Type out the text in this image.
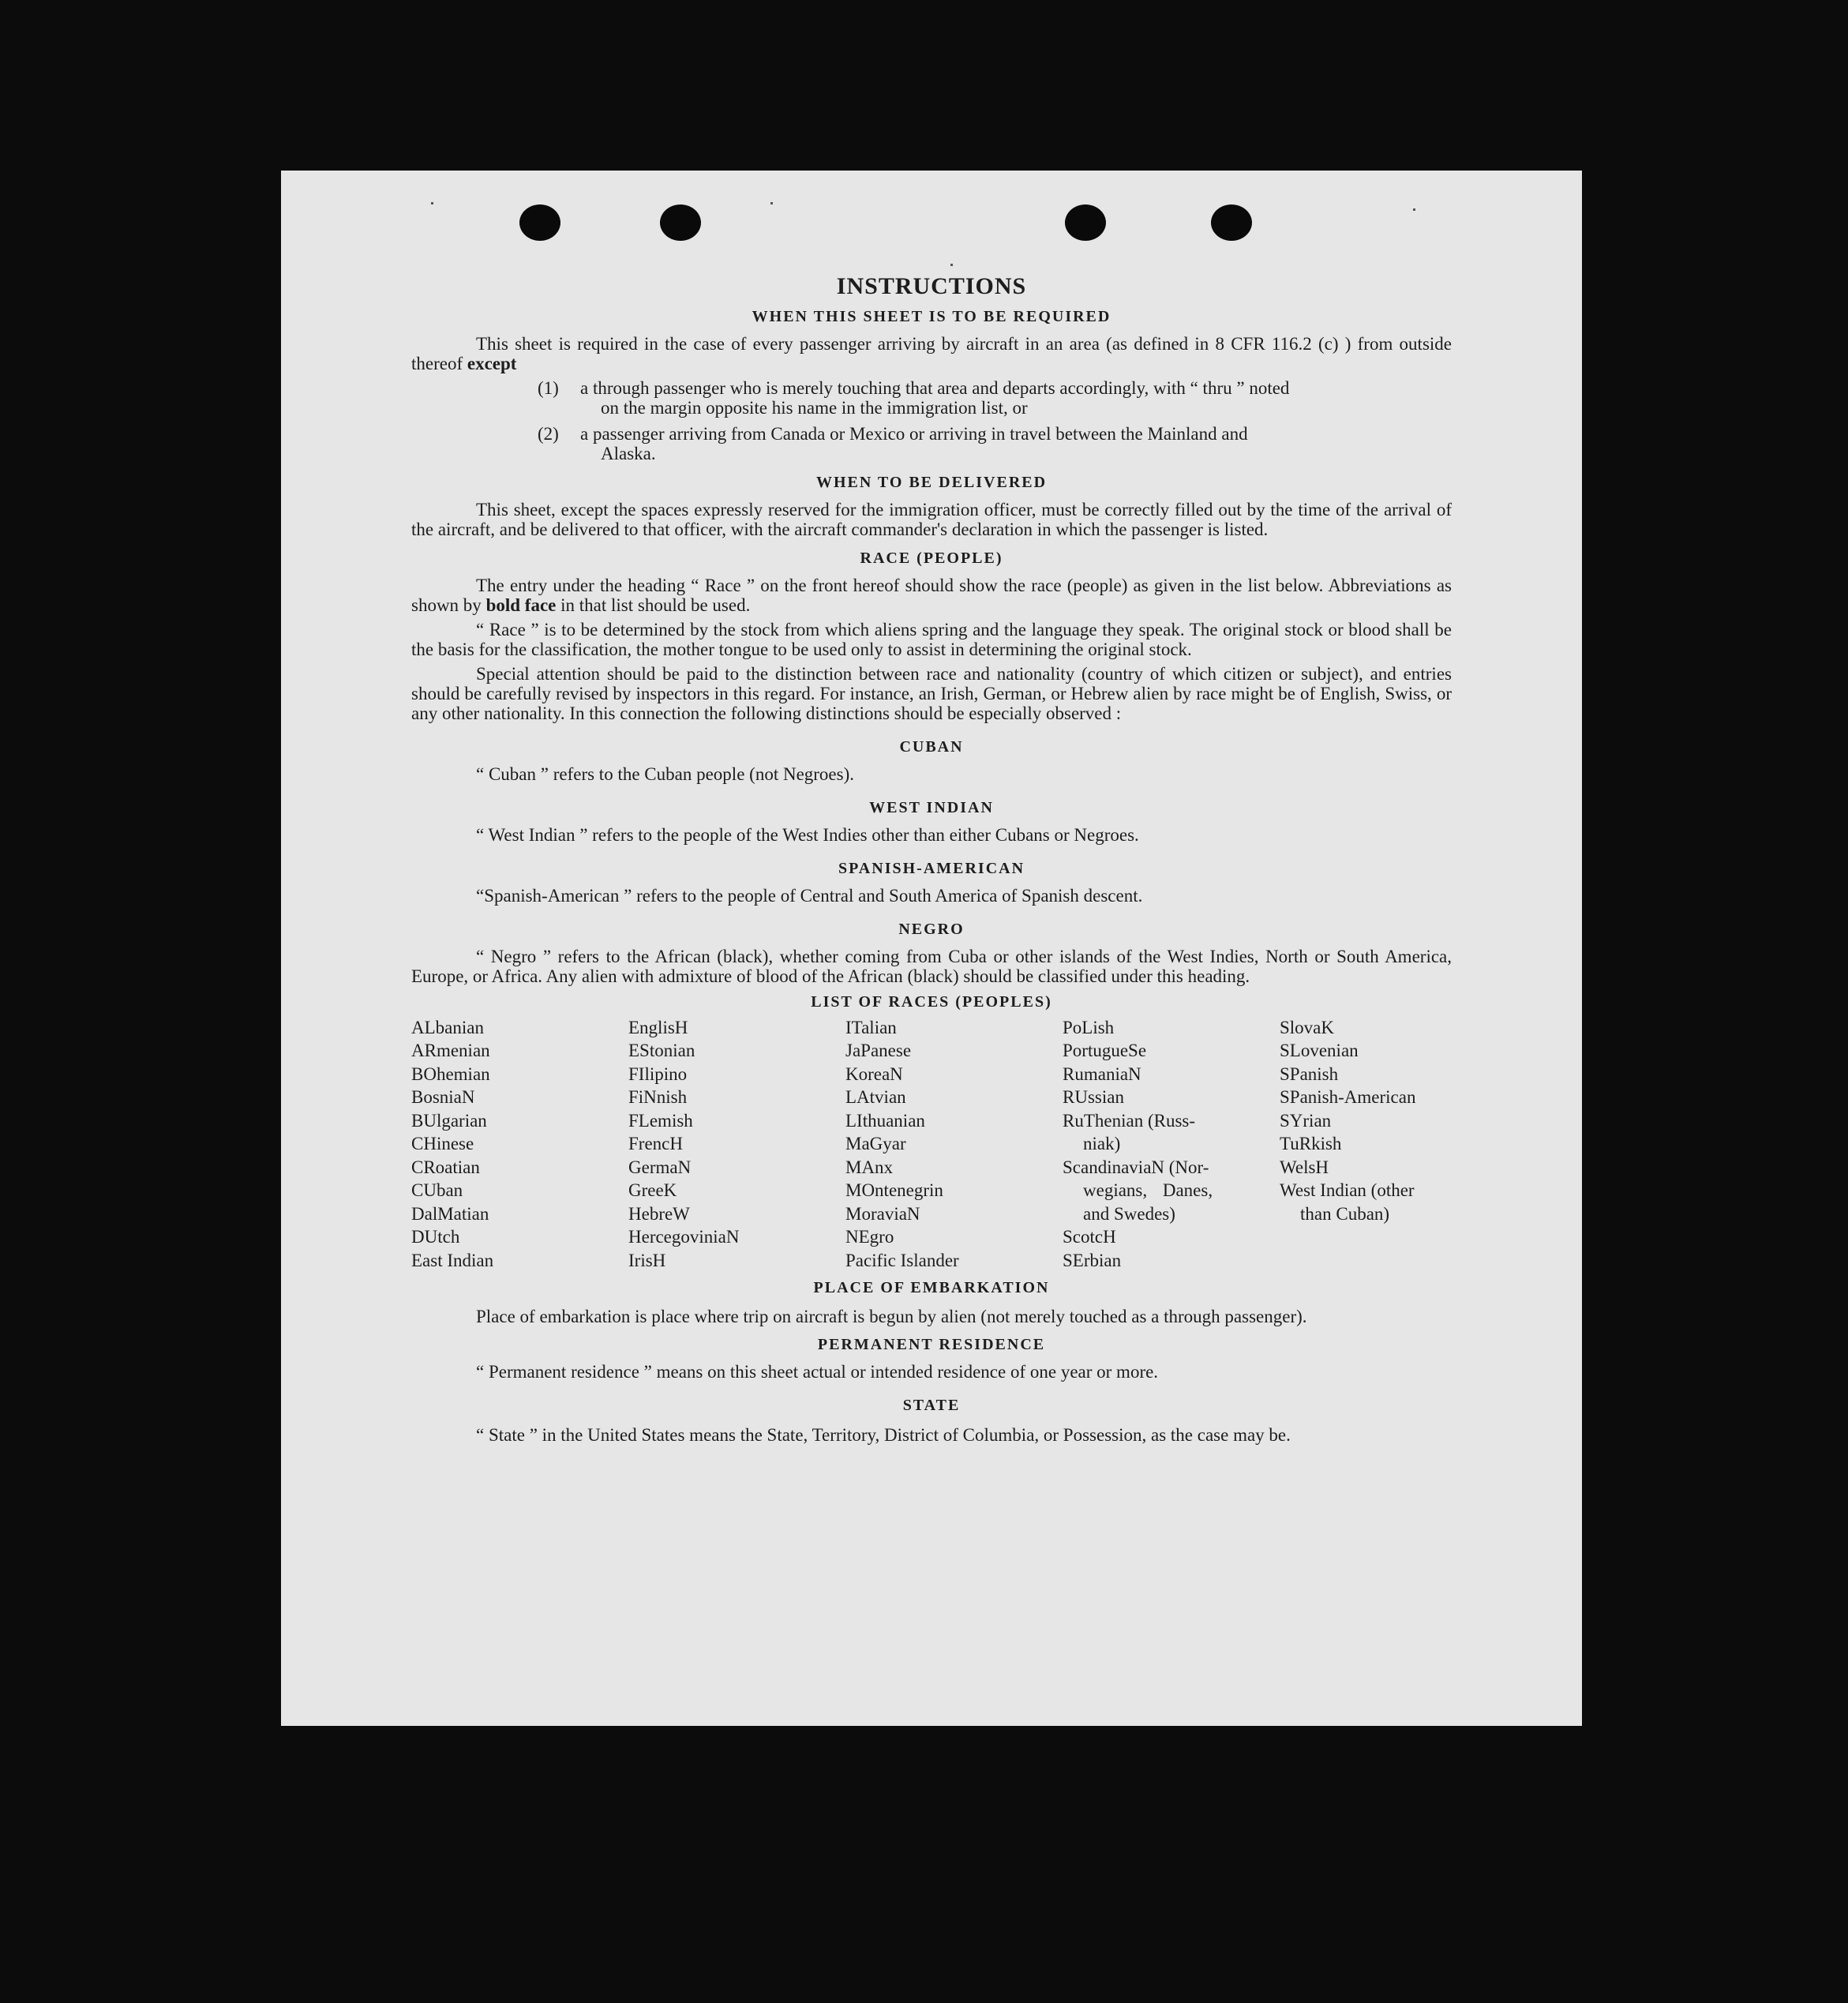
INSTRUCTIONS
WHEN THIS SHEET IS TO BE REQUIRED

This sheet is required in the case of every passenger arriving by aircraft in an area (as defined in 8 CFR 116.2 (c) ) from outside thereof except

(1)	a through passenger who is merely touching that area and departs accordingly, with “ thru ” noted
on the margin opposite his name in the immigration list, or
(2)	a passenger arriving from Canada or Mexico or arriving in travel between the Mainland and
Alaska.
WHEN TO BE DELIVERED

This sheet, except the spaces expressly reserved for the immigration officer, must be correctly filled out by the time of the arrival of the aircraft, and be delivered to that officer, with the aircraft commander's declaration in which the passenger is listed.

RACE (PEOPLE)

The entry under the heading “ Race ” on the front hereof should show the race (people) as given in the list below. Abbreviations as shown by bold face in that list should be used.

“ Race ” is to be determined by the stock from which aliens spring and the language they speak. The original stock or blood shall be the basis for the classification, the mother tongue to be used only to assist in determining the original stock.

Special attention should be paid to the distinction between race and nationality (country of which citizen or subject), and entries should be carefully revised by inspectors in this regard. For instance, an Irish, German, or Hebrew alien by race might be of English, Swiss, or any other nationality. In this connection the following distinctions should be especially observed :

CUBAN

“ Cuban ” refers to the Cuban people (not Negroes).

WEST INDIAN

“ West Indian ” refers to the people of the West Indies other than either Cubans or Negroes.

SPANISH-AMERICAN

“Spanish-American ” refers to the people of Central and South America of Spanish descent.

NEGRO

“ Negro ” refers to the African (black), whether coming from Cuba or other islands of the West Indies, North or South America, Europe, or Africa. Any alien with admixture of blood of the African (black) should be classified under this heading.

LIST OF RACES (PEOPLES)
ALbanian
ARmenian
BOhemian
BosniaN
BUlgarian
CHinese
CRoatian
CUban
DalMatian
DUtch
East Indian
EnglisH
EStonian
FIlipino
FiNnish
FLemish
FrencH
GermaN
GreeK
HebreW
HercegoviniaN
IrisH
ITalian
JaPanese
KoreaN
LAtvian
LIthuanian
MaGyar
MAnx
MOntenegrin
MoraviaN
NEgro
Pacific Islander
PoLish
PortugueSe
RumaniaN
RUssian
RuThenian (Russ-
niak)
ScandinaviaN (Nor-
wegians, Danes,
and Swedes)
ScotcH
SErbian
SlovaK
SLovenian
SPanish
SPanish-American
SYrian
TuRkish
WelsH
West Indian (other
than Cuban)
PLACE OF EMBARKATION

Place of embarkation is place where trip on aircraft is begun by alien (not merely touched as a through passenger).

PERMANENT RESIDENCE

“ Permanent residence ” means on this sheet actual or intended residence of one year or more.

STATE

“ State ” in the United States means the State, Territory, District of Columbia, or Possession, as the case may be.
